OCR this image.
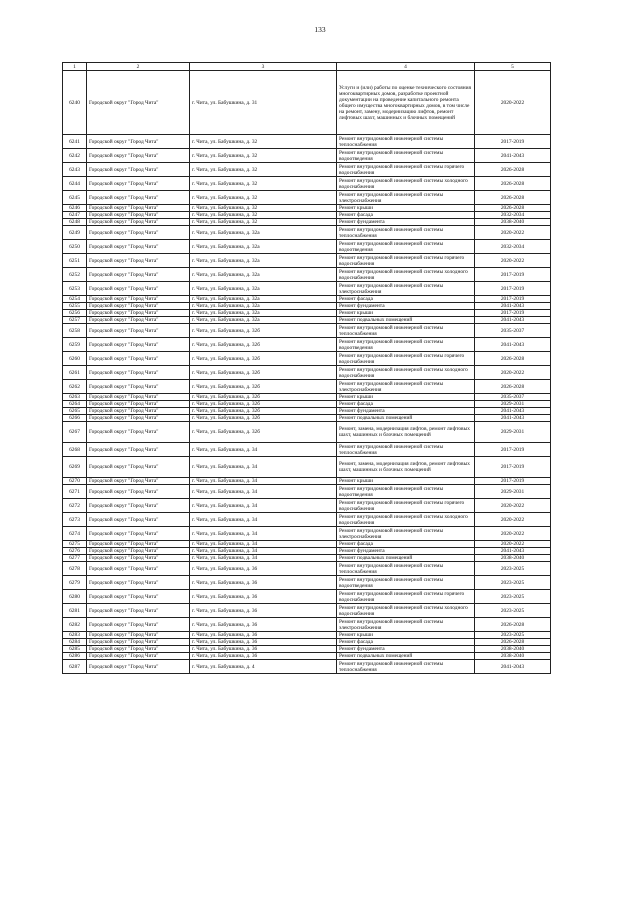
133
1	2	3	4	5
6240	Городской округ "Город Чита"	г. Чита, ул. Бабушкина, д. 31	Услуги и (или) работы по оценке технического состояния многоквартирных домов, разработке проектной документации на проведение капитального ремонта общего имущества многоквартирных домов, в том числе на ремонт, замену, модернизацию лифтов, ремонт лифтовых шахт, машинных и блочных помещений	2020-2022
6241	Городской округ "Город Чита"	г. Чита, ул. Бабушкина, д. 32	Ремонт внутридомовой инженерной системы теплоснабжения	2017-2019
6242	Городской округ "Город Чита"	г. Чита, ул. Бабушкина, д. 32	Ремонт внутридомовой инженерной системы водоотведения	2041-2043
6243	Городской округ "Город Чита"	г. Чита, ул. Бабушкина, д. 32	Ремонт внутридомовой инженерной системы горячего водоснабжения	2026-2028
6244	Городской округ "Город Чита"	г. Чита, ул. Бабушкина, д. 32	Ремонт внутридомовой инженерной системы холодного водоснабжения	2026-2028
6245	Городской округ "Город Чита"	г. Чита, ул. Бабушкина, д. 32	Ремонт внутридомовой инженерной системы электроснабжения	2026-2028
6246	Городской округ "Город Чита"	г. Чита, ул. Бабушкина, д. 32	Ремонт крыши	2026-2028
6247	Городской округ "Город Чита"	г. Чита, ул. Бабушкина, д. 32	Ремонт фасада	2032-2034
6248	Городской округ "Город Чита"	г. Чита, ул. Бабушкина, д. 32	Ремонт фундамента	2038-2040
6249	Городской округ "Город Чита"	г. Чита, ул. Бабушкина, д. 32а	Ремонт внутридомовой инженерной системы теплоснабжения	2020-2022
6250	Городской округ "Город Чита"	г. Чита, ул. Бабушкина, д. 32а	Ремонт внутридомовой инженерной системы водоотведения	2032-2034
6251	Городской округ "Город Чита"	г. Чита, ул. Бабушкина, д. 32а	Ремонт внутридомовой инженерной системы горячего водоснабжения	2020-2022
6252	Городской округ "Город Чита"	г. Чита, ул. Бабушкина, д. 32а	Ремонт внутридомовой инженерной системы холодного водоснабжения	2017-2019
6253	Городской округ "Город Чита"	г. Чита, ул. Бабушкина, д. 32а	Ремонт внутридомовой инженерной системы электроснабжения	2017-2019
6254	Городской округ "Город Чита"	г. Чита, ул. Бабушкина, д. 32а	Ремонт фасада	2017-2019
6255	Городской округ "Город Чита"	г. Чита, ул. Бабушкина, д. 32а	Ремонт фундамента	2041-2043
6256	Городской округ "Город Чита"	г. Чита, ул. Бабушкина, д. 32а	Ремонт крыши	2017-2019
6257	Городской округ "Город Чита"	г. Чита, ул. Бабушкина, д. 32а	Ремонт подвальных помещений	2041-2043
6258	Городской округ "Город Чита"	г. Чита, ул. Бабушкина, д. 32б	Ремонт внутридомовой инженерной системы теплоснабжения	2035-2037
6259	Городской округ "Город Чита"	г. Чита, ул. Бабушкина, д. 32б	Ремонт внутридомовой инженерной системы водоотведения	2041-2043
6260	Городской округ "Город Чита"	г. Чита, ул. Бабушкина, д. 32б	Ремонт внутридомовой инженерной системы горячего водоснабжения	2026-2028
6261	Городской округ "Город Чита"	г. Чита, ул. Бабушкина, д. 32б	Ремонт внутридомовой инженерной системы холодного водоснабжения	2020-2022
6262	Городской округ "Город Чита"	г. Чита, ул. Бабушкина, д. 32б	Ремонт внутридомовой инженерной системы электроснабжения	2026-2028
6263	Городской округ "Город Чита"	г. Чита, ул. Бабушкина, д. 32б	Ремонт крыши	2035-2037
6264	Городской округ "Город Чита"	г. Чита, ул. Бабушкина, д. 32б	Ремонт фасада	2029-2031
6265	Городской округ "Город Чита"	г. Чита, ул. Бабушкина, д. 32б	Ремонт фундамента	2041-2043
6266	Городской округ "Город Чита"	г. Чита, ул. Бабушкина, д. 32б	Ремонт подвальных помещений	2041-2043
6267	Городской округ "Город Чита"	г. Чита, ул. Бабушкина, д. 32б	Ремонт, замена, модернизация лифтов, ремонт лифтовых шахт, машинных и блочных помещений	2029-2031
6268	Городской округ "Город Чита"	г. Чита, ул. Бабушкина, д. 34	Ремонт внутридомовой инженерной системы теплоснабжения	2017-2019
6269	Городской округ "Город Чита"	г. Чита, ул. Бабушкина, д. 34	Ремонт, замена, модернизация лифтов, ремонт лифтовых шахт, машинных и блочных помещений	2017-2019
6270	Городской округ "Город Чита"	г. Чита, ул. Бабушкина, д. 34	Ремонт крыши	2017-2019
6271	Городской округ "Город Чита"	г. Чита, ул. Бабушкина, д. 34	Ремонт внутридомовой инженерной системы водоотведения	2029-2031
6272	Городской округ "Город Чита"	г. Чита, ул. Бабушкина, д. 34	Ремонт внутридомовой инженерной системы горячего водоснабжения	2020-2022
6273	Городской округ "Город Чита"	г. Чита, ул. Бабушкина, д. 34	Ремонт внутридомовой инженерной системы холодного водоснабжения	2020-2022
6274	Городской округ "Город Чита"	г. Чита, ул. Бабушкина, д. 34	Ремонт внутридомовой инженерной системы электроснабжения	2020-2022
6275	Городской округ "Город Чита"	г. Чита, ул. Бабушкина, д. 34	Ремонт фасада	2020-2022
6276	Городской округ "Город Чита"	г. Чита, ул. Бабушкина, д. 34	Ремонт фундамента	2041-2043
6277	Городской округ "Город Чита"	г. Чита, ул. Бабушкина, д. 34	Ремонт подвальных помещений	2038-2040
6278	Городской округ "Город Чита"	г. Чита, ул. Бабушкина, д. 36	Ремонт внутридомовой инженерной системы теплоснабжения	2023-2025
6279	Городской округ "Город Чита"	г. Чита, ул. Бабушкина, д. 36	Ремонт внутридомовой инженерной системы водоотведения	2023-2025
6280	Городской округ "Город Чита"	г. Чита, ул. Бабушкина, д. 36	Ремонт внутридомовой инженерной системы горячего водоснабжения	2023-2025
6281	Городской округ "Город Чита"	г. Чита, ул. Бабушкина, д. 36	Ремонт внутридомовой инженерной системы холодного водоснабжения	2023-2025
6282	Городской округ "Город Чита"	г. Чита, ул. Бабушкина, д. 36	Ремонт внутридомовой инженерной системы электроснабжения	2026-2028
6283	Городской округ "Город Чита"	г. Чита, ул. Бабушкина, д. 36	Ремонт крыши	2023-2025
6284	Городской округ "Город Чита"	г. Чита, ул. Бабушкина, д. 36	Ремонт фасада	2026-2028
6285	Городской округ "Город Чита"	г. Чита, ул. Бабушкина, д. 36	Ремонт фундамента	2038-2040
6286	Городской округ "Город Чита"	г. Чита, ул. Бабушкина, д. 36	Ремонт подвальных помещений	2038-2040
6287	Городской округ "Город Чита"	г. Чита, ул. Бабушкина, д. 4	Ремонт внутридомовой инженерной системы теплоснабжения	2041-2043
